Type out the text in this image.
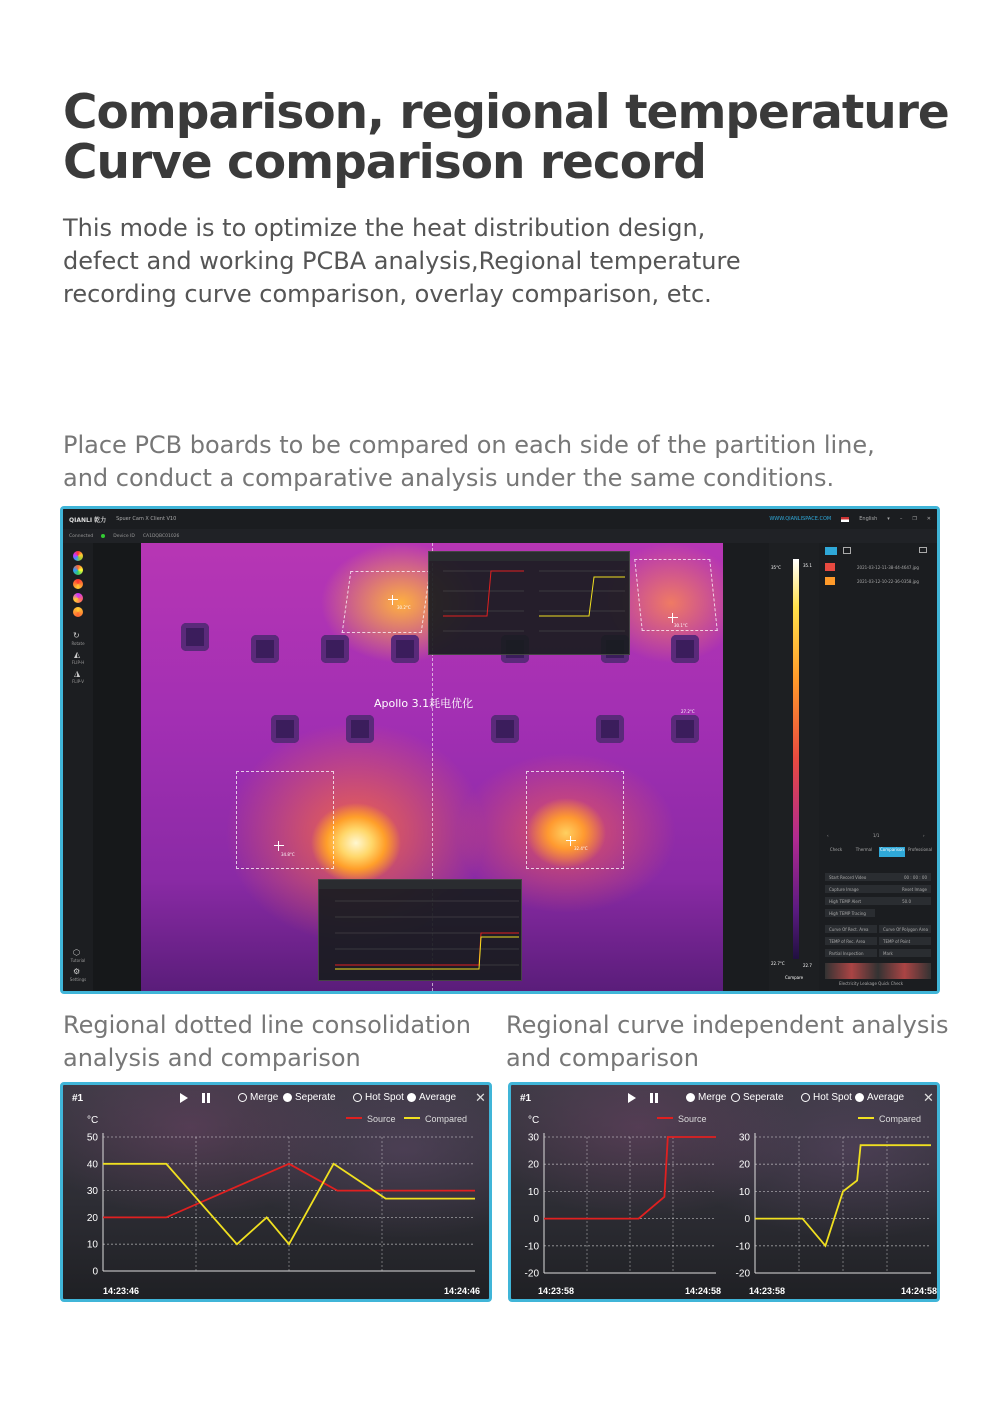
Comparison, regional temperature
Curve comparison record
This mode is to optimize the heat distribution design,
defect and working PCBA analysis,Regional temperature
recording curve comparison, overlay comparison, etc.
Place PCB boards to be compared on each side of the partition line,
and conduct a comparative analysis under the same conditions.
QIANLI 乾力 Spuer Cam X Client V10	WWW.QIANLISPACE.COM	English ▾ – ❐ ✕
Connected	Device ID CA1DQBC01026
↻
Rotate
◭
FLIP-H
◮
FLIP-V
⬡
Tutorial
⚙
Settings
Apollo 3.1耗电优化
34.8°C
32.4°C
30.2°C
30.1°C
27.2°C
35°C	35.1
22.7°C	22.7
Compare
2021-03-12-11-38-44-4647.jpg
2021-03-12-10-22-36-0358.jpg
‹	1/1	›
Check	Thermal	Comparison Professional
Start Record Video	00 : 00 : 00
Capture Image	Reset Image
High TEMP Alert	50.0
High TEMP Tracing
Curve Of Rect. Area	Curve Of Polygon Area
TEMP of Rec. Area	TEMP of Point
Partial Inspection	Mark
Electricity Leakage Quick Check
Regional dotted line consolidation
analysis and comparison
Regional curve independent analysis
and comparison
#1	Merge Seperate	Hot Spot Average ✕
0
10
20
30
40
50
°C	Source	Compared
14:23:46	14:24:46
#1	Merge Seperate	Hot Spot Average ✕
-20
-10
0
10
20
30
°C
-20
-10
0
10
20
30
Source	Compared
14:23:58	14:24:58	14:23:58	14:24:58
